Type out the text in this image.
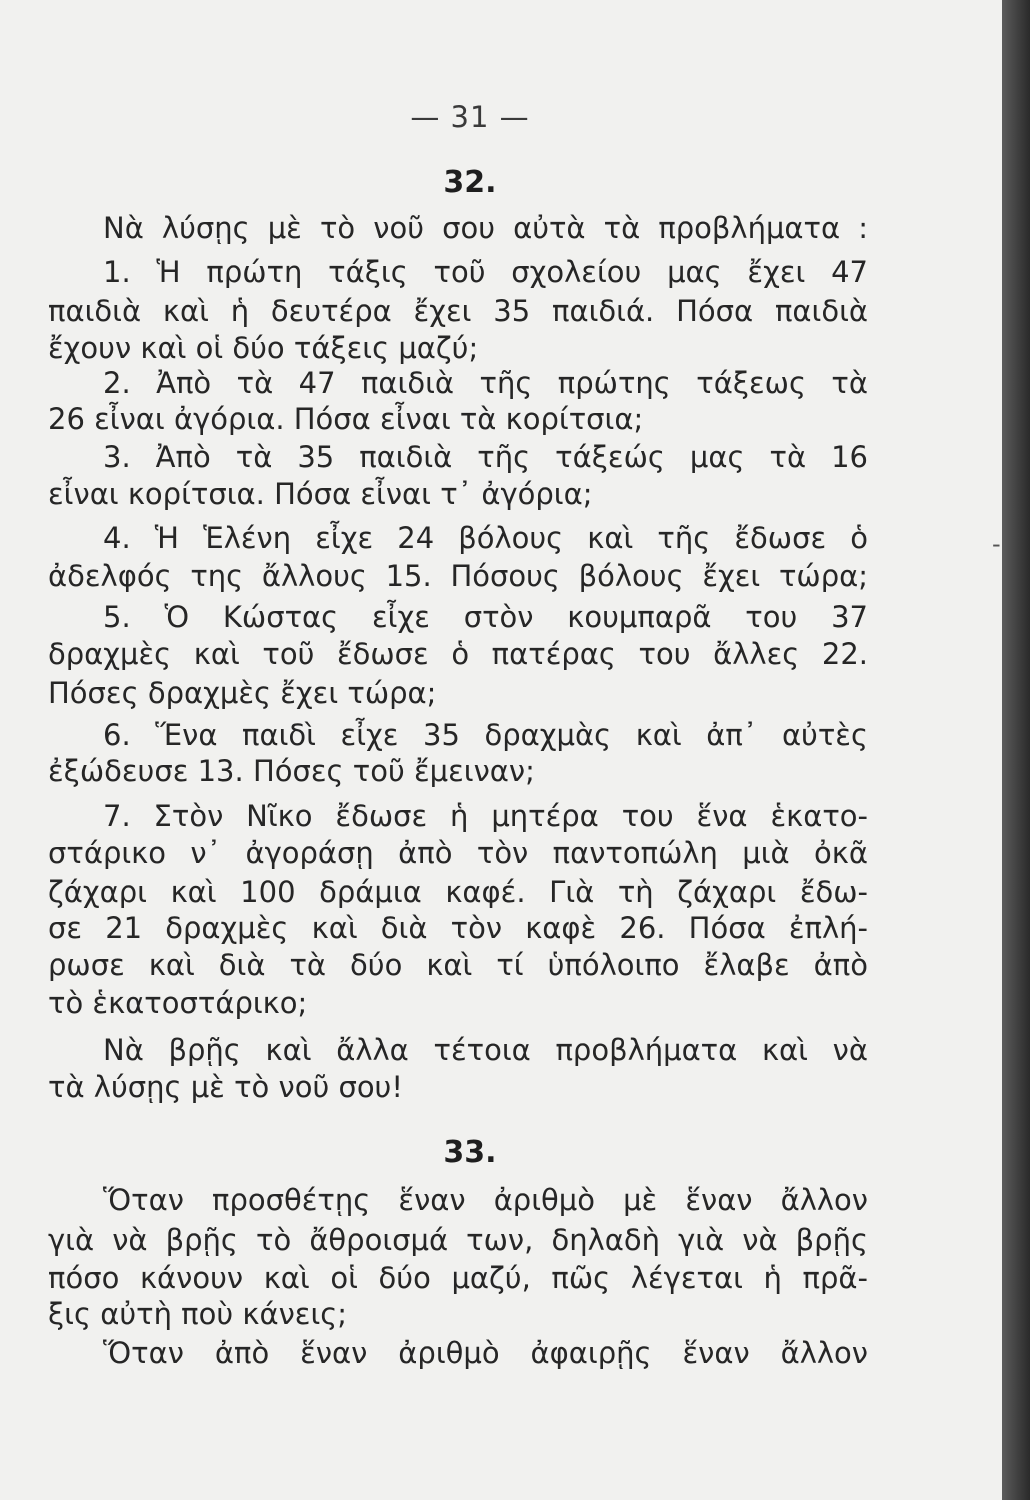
— 31 —
32.
Νὰ λύσῃς μὲ τὸ νοῦ σου αὐτὰ τὰ προβλήματα :
1. Ἡ πρώτη τάξις τοῦ σχολείου μας ἔχει 47
παιδιὰ καὶ ἡ δευτέρα ἔχει 35 παιδιά. Πόσα παιδιὰ
ἔχουν καὶ οἱ δύο τάξεις μαζύ;
2. Ἀπὸ τὰ 47 παιδιὰ τῆς πρώτης τάξεως τὰ
26 εἶναι ἀγόρια. Πόσα εἶναι τὰ κορίτσια;
3. Ἀπὸ τὰ 35 παιδιὰ τῆς τάξεώς μας τὰ 16
εἶναι κορίτσια. Πόσα εἶναι τ᾽ ἀγόρια;
4. Ἡ Ἑλένη εἶχε 24 βόλους καὶ τῆς ἔδωσε ὁ
ἀδελφός της ἄλλους 15. Πόσους βόλους ἔχει τώρα;
5. Ὁ Κώστας εἶχε στὸν κουμπαρᾶ του 37
δραχμὲς καὶ τοῦ ἔδωσε ὁ πατέρας του ἄλλες 22.
Πόσες δραχμὲς ἔχει τώρα;
6. Ἕνα παιδὶ εἶχε 35 δραχμὰς καὶ ἀπ᾽ αὐτὲς
ἐξώδευσε 13. Πόσες τοῦ ἔμειναν;
7. Στὸν Νῖκο ἔδωσε ἡ μητέρα του ἕνα ἑκατο-
στάρικο ν᾽ ἀγοράσῃ ἀπὸ τὸν παντοπώλη μιὰ ὀκᾶ
ζάχαρι καὶ 100 δράμια καφέ. Γιὰ τὴ ζάχαρι ἔδω-
σε 21 δραχμὲς καὶ διὰ τὸν καφὲ 26. Πόσα ἐπλή-
ρωσε καὶ διὰ τὰ δύο καὶ τί ὑπόλοιπο ἔλαβε ἀπὸ
τὸ ἑκατοστάρικο;
Νὰ βρῇς καὶ ἄλλα τέτοια προβλήματα καὶ νὰ
τὰ λύσῃς μὲ τὸ νοῦ σου!
33.
Ὅταν προσθέτῃς ἕναν ἀριθμὸ μὲ ἕναν ἄλλον
γιὰ νὰ βρῇς τὸ ἄθροισμά των, δηλαδὴ γιὰ νὰ βρῇς
πόσο κάνουν καὶ οἱ δύο μαζύ, πῶς λέγεται ἡ πρᾶ-
ξις αὐτὴ ποὺ κάνεις;
Ὅταν ἀπὸ ἕναν ἀριθμὸ ἀφαιρῇς ἕναν ἄλλον
-
